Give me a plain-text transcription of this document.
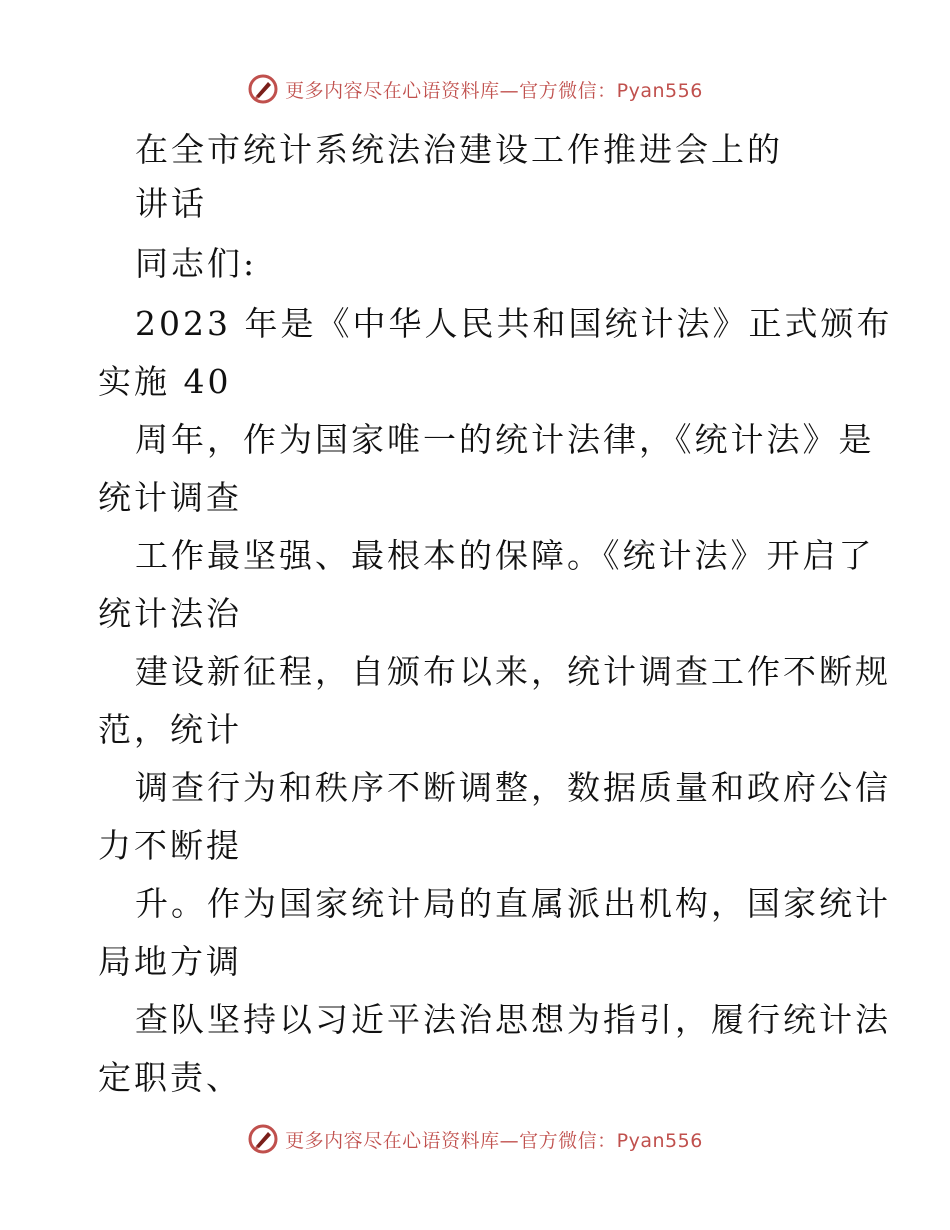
更多内容尽在心语资料库—官方微信：Pyan556
在全市统计系统法治建设工作推进会上的
讲话
同志们:
2023 年是《中华人民共和国统计法》正式颁布
实施 40
周年，作为国家唯一的统计法律，《统计法》是
统计调查
工作最坚强、最根本的保障。《统计法》开启了
统计法治
建设新征程，自颁布以来，统计调查工作不断规
范，统计
调查行为和秩序不断调整，数据质量和政府公信
力不断提
升。作为国家统计局的直属派出机构，国家统计
局地方调
查队坚持以习近平法治思想为指引，履行统计法
定职责、
更多内容尽在心语资料库—官方微信：Pyan556
